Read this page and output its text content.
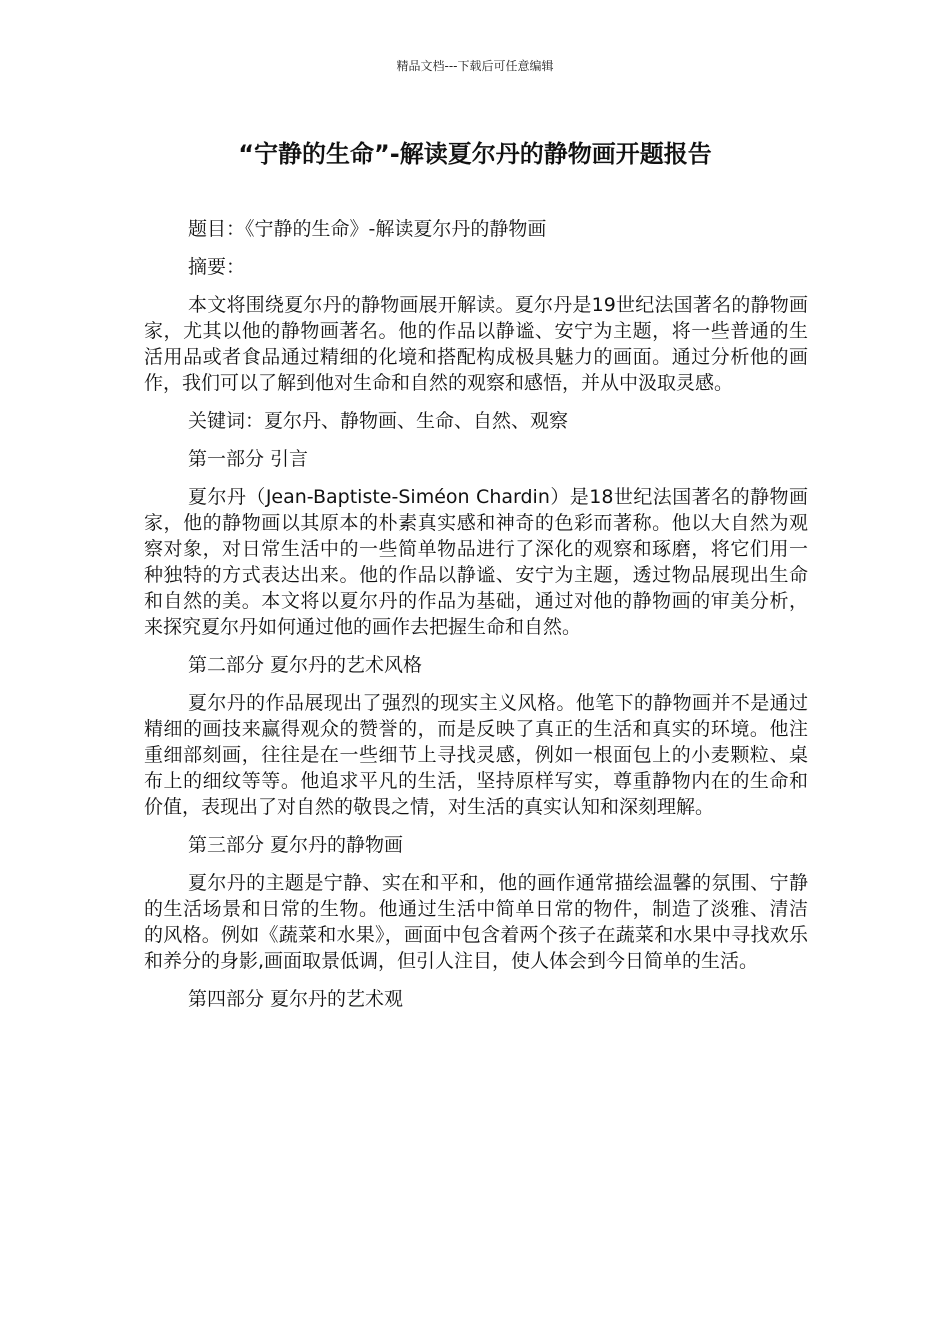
精品文档---下载后可任意编辑
“宁静的生命”-解读夏尔丹的静物画开题报告

题目：《宁静的生命》-解读夏尔丹的静物画

摘要：

本文将围绕夏尔丹的静物画展开解读。夏尔丹是19世纪法国著名的静物画家，尤其以他的静物画著名。他的作品以静谧、安宁为主题，将一些普通的生活用品或者食品通过精细的化境和搭配构成极具魅力的画面。通过分析他的画作，我们可以了解到他对生命和自然的观察和感悟，并从中汲取灵感。

关键词：夏尔丹、静物画、生命、自然、观察

第一部分 引言

夏尔丹（Jean-Baptiste-Siméon Chardin）是18世纪法国著名的静物画家，他的静物画以其原本的朴素真实感和神奇的色彩而著称。他以大自然为观察对象，对日常生活中的一些简单物品进行了深化的观察和琢磨，将它们用一种独特的方式表达出来。他的作品以静谧、安宁为主题，透过物品展现出生命和自然的美。本文将以夏尔丹的作品为基础，通过对他的静物画的审美分析，来探究夏尔丹如何通过他的画作去把握生命和自然。

第二部分 夏尔丹的艺术风格

夏尔丹的作品展现出了强烈的现实主义风格。他笔下的静物画并不是通过精细的画技来赢得观众的赞誉的，而是反映了真正的生活和真实的环境。他注重细部刻画，往往是在一些细节上寻找灵感，例如一根面包上的小麦颗粒、桌布上的细纹等等。他追求平凡的生活，坚持原样写实，尊重静物内在的生命和价值，表现出了对自然的敬畏之情，对生活的真实认知和深刻理解。

第三部分 夏尔丹的静物画

夏尔丹的主题是宁静、实在和平和，他的画作通常描绘温馨的氛围、宁静的生活场景和日常的生物。他通过生活中简单日常的物件，制造了淡雅、清洁的风格。例如《蔬菜和水果》，画面中包含着两个孩子在蔬菜和水果中寻找欢乐和养分的身影,画面取景低调，但引人注目，使人体会到今日简单的生活。

第四部分 夏尔丹的艺术观
